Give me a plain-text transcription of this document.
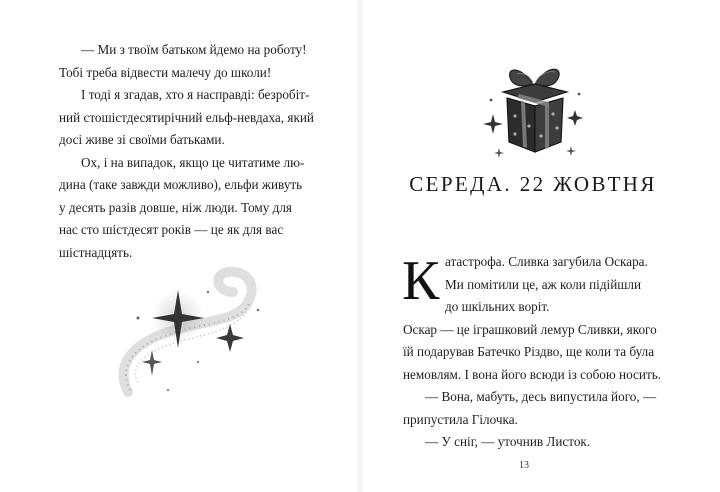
— Ми з твоїм батьком йдемо на роботу!
Тобі треба відвести малечу до школи!
І тоді я згадав, хто я насправді: безробіт-
ний стошістдесятирічний ельф-невдаха, який
досі живе зі своїми батьками.
Ох, і на випадок, якщо це читатиме лю-
дина (таке завжди можливо), ельфи живуть
у десять разів довше, ніж люди. Тому для
нас сто шістдесят років — це як для вас
шістнадцять.
СЕРЕДА. 22 ЖОВТНЯ
К атастрофа. Сливка загубила Оскара.
Ми помітили це, аж коли підійшли
до шкільних воріт.
Оскар — це іграшковий лемур Сливки, якого
їй подарував Батечко Різдво, ще коли та була
немовлям. І вона його всюди із собою носить.
— Вона, мабуть, десь випустила його, —
припустила Гілочка.
— У сніг, — уточнив Листок.
13
